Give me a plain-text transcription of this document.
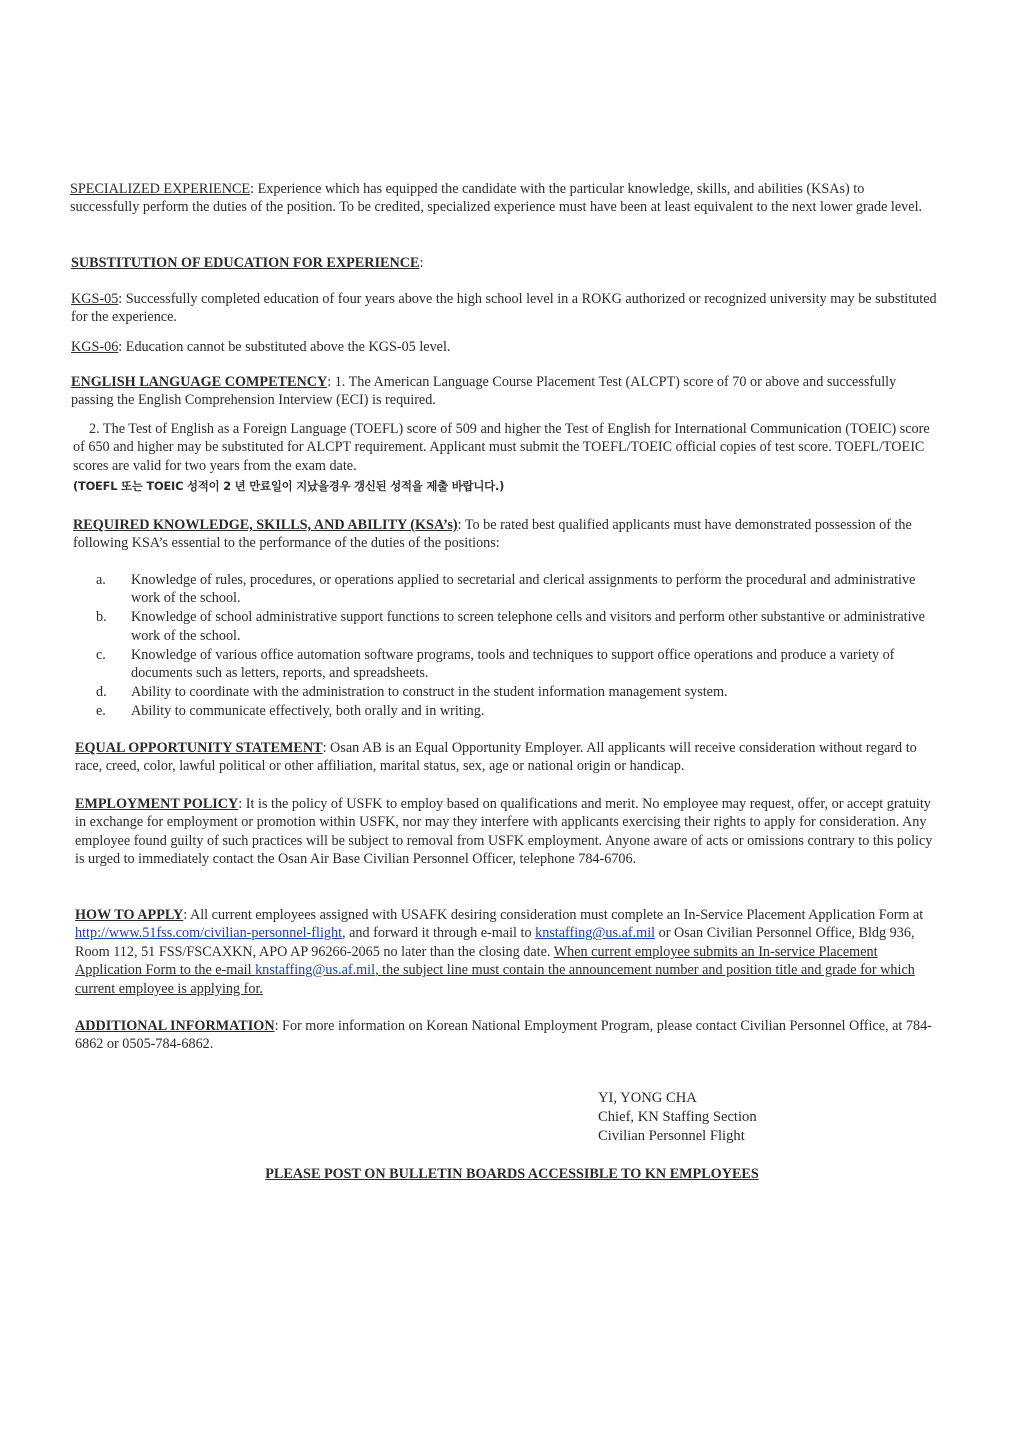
SPECIALIZED EXPERIENCE: Experience which has equipped the candidate with the particular knowledge, skills, and abilities (KSAs) to successfully perform the duties of the position. To be credited, specialized experience must have been at least equivalent to the next lower grade level.

SUBSTITUTION OF EDUCATION FOR EXPERIENCE:

KGS-05: Successfully completed education of four years above the high school level in a ROKG authorized or recognized university may be substituted for the experience.

KGS-06: Education cannot be substituted above the KGS-05 level.

ENGLISH LANGUAGE COMPETENCY: 1. The American Language Course Placement Test (ALCPT) score of 70 or above and successfully passing the English Comprehension Interview (ECI) is required.

2. The Test of English as a Foreign Language (TOEFL) score of 509 and higher the Test of English for International Communication (TOEIC) score of 650 and higher may be substituted for ALCPT requirement. Applicant must submit the TOEFL/TOEIC official copies of test score. TOEFL/TOEIC scores are valid for two years from the exam date.

(TOEFL 또는 TOEIC 성적이 2 년 만료일이 지났을경우 갱신된 성적을 제출 바랍니다.)

REQUIRED KNOWLEDGE, SKILLS, AND ABILITY (KSA’s): To be rated best qualified applicants must have demonstrated possession of the following KSA’s essential to the performance of the duties of the positions:

a.	Knowledge of rules, procedures, or operations applied to secretarial and clerical assignments to perform the procedural and administrative work of the school.
b.	Knowledge of school administrative support functions to screen telephone cells and visitors and perform other substantive or administrative work of the school.
c.	Knowledge of various office automation software programs, tools and techniques to support office operations and produce a variety of documents such as letters, reports, and spreadsheets.
d.	Ability to coordinate with the administration to construct in the student information management system.
e.	Ability to communicate effectively, both orally and in writing.

EQUAL OPPORTUNITY STATEMENT: Osan AB is an Equal Opportunity Employer. All applicants will receive consideration without regard to race, creed, color, lawful political or other affiliation, marital status, sex, age or national origin or handicap.

EMPLOYMENT POLICY: It is the policy of USFK to employ based on qualifications and merit. No employee may request, offer, or accept gratuity in exchange for employment or promotion within USFK, nor may they interfere with applicants exercising their rights to apply for consideration. Any employee found guilty of such practices will be subject to removal from USFK employment. Anyone aware of acts or omissions contrary to this policy is urged to immediately contact the Osan Air Base Civilian Personnel Officer, telephone 784-6706.

HOW TO APPLY: All current employees assigned with USAFK desiring consideration must complete an In-Service Placement Application Form at http://www.51fss.com/civilian-personnel-flight, and forward it through e-mail to knstaffing@us.af.mil or Osan Civilian Personnel Office, Bldg 936, Room 112, 51 FSS/FSCAXKN, APO AP 96266-2065 no later than the closing date. When current employee submits an In-service Placement Application Form to the e-mail knstaffing@us.af.mil, the subject line must contain the announcement number and position title and grade for which current employee is applying for.

ADDITIONAL INFORMATION: For more information on Korean National Employment Program, please contact Civilian Personnel Office, at 784-6862 or 0505-784-6862.

YI, YONG CHA
Chief, KN Staffing Section
Civilian Personnel Flight
PLEASE POST ON BULLETIN BOARDS ACCESSIBLE TO KN EMPLOYEES
